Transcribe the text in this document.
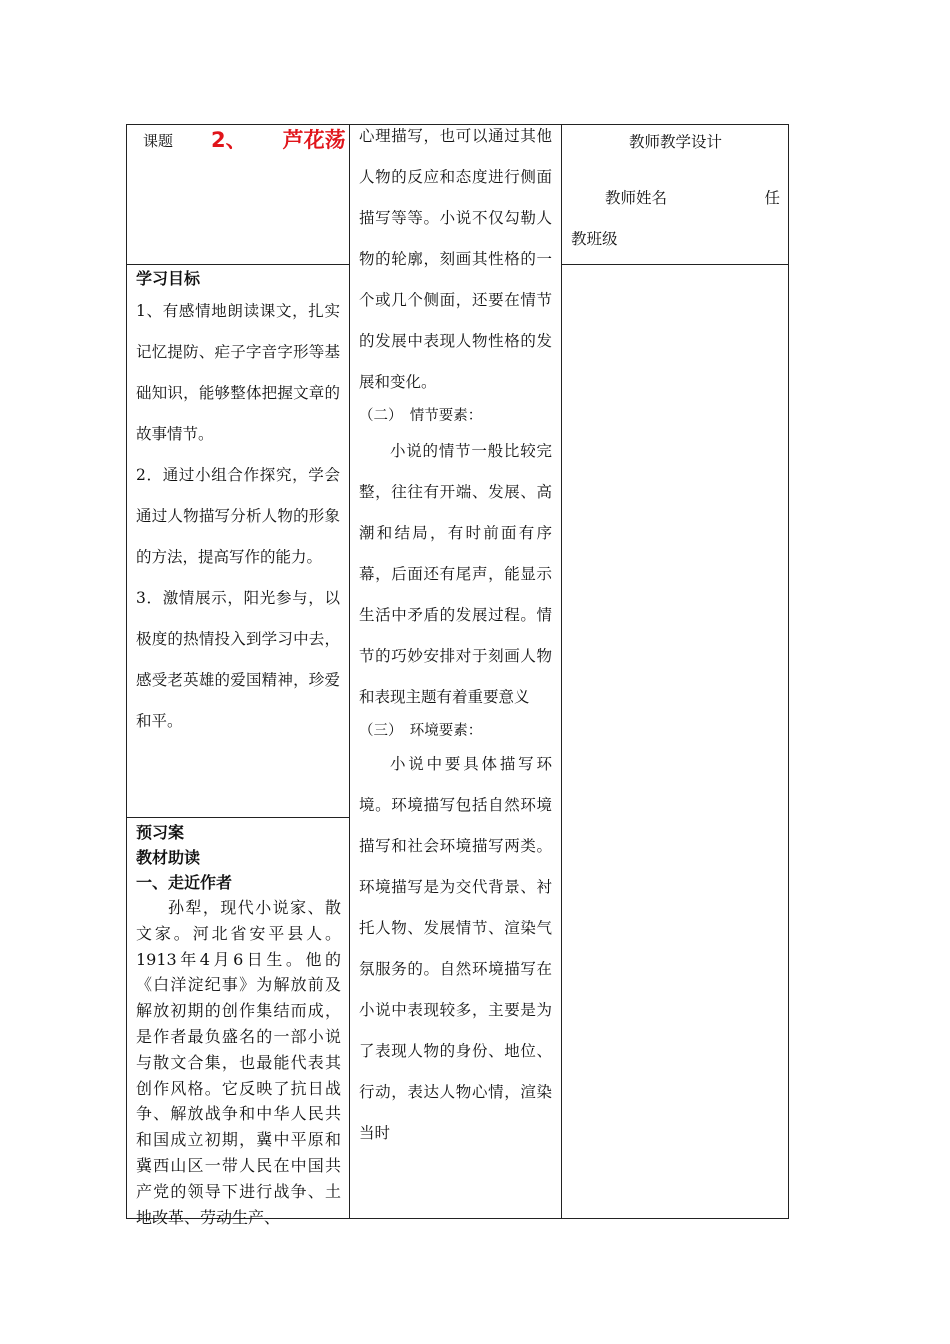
课题 2、 芦花荡
学习目标

1、有感情地朗读课文，扎实记忆提防、疟子字音字形等基础知识，能够整体把握文章的故事情节。

2．通过小组合作探究，学会通过人物描写分析人物的形象的方法，提高写作的能力。

3．激情展示，阳光参与，以极度的热情投入到学习中去，感受老英雄的爱国精神，珍爱和平。

预习案
教材助读
一、走近作者

孙犁，现代小说家、散文家。河北省安平县人。1913年4月6日生。他的《白洋淀纪事》为解放前及解放初期的创作集结而成，是作者最负盛名的一部小说与散文合集，也最能代表其创作风格。它反映了抗日战争、解放战争和中华人民共和国成立初期，冀中平原和冀西山区一带人民在中国共产党的领导下进行战争、土地改革、劳动生产、

心理描写，也可以通过其他人物的反应和态度进行侧面描写等等。小说不仅勾勒人物的轮廓，刻画其性格的一个或几个侧面，还要在情节的发展中表现人物性格的发展和变化。

（二）　情节要素：

小说的情节一般比较完整，往往有开端、发展、高潮和结局，有时前面有序幕，后面还有尾声，能显示生活中矛盾的发展过程。情节的巧妙安排对于刻画人物和表现主题有着重要意义

（三）　环境要素：

小说中要具体描写环境。环境描写包括自然环境描写和社会环境描写两类。环境描写是为交代背景、衬托人物、发展情节、渲染气氛服务的。自然环境描写在小说中表现较多，主要是为了表现人物的身份、地位、行动，表达人物心情，渲染当时

教师教学设计
教师姓名	任
教班级
